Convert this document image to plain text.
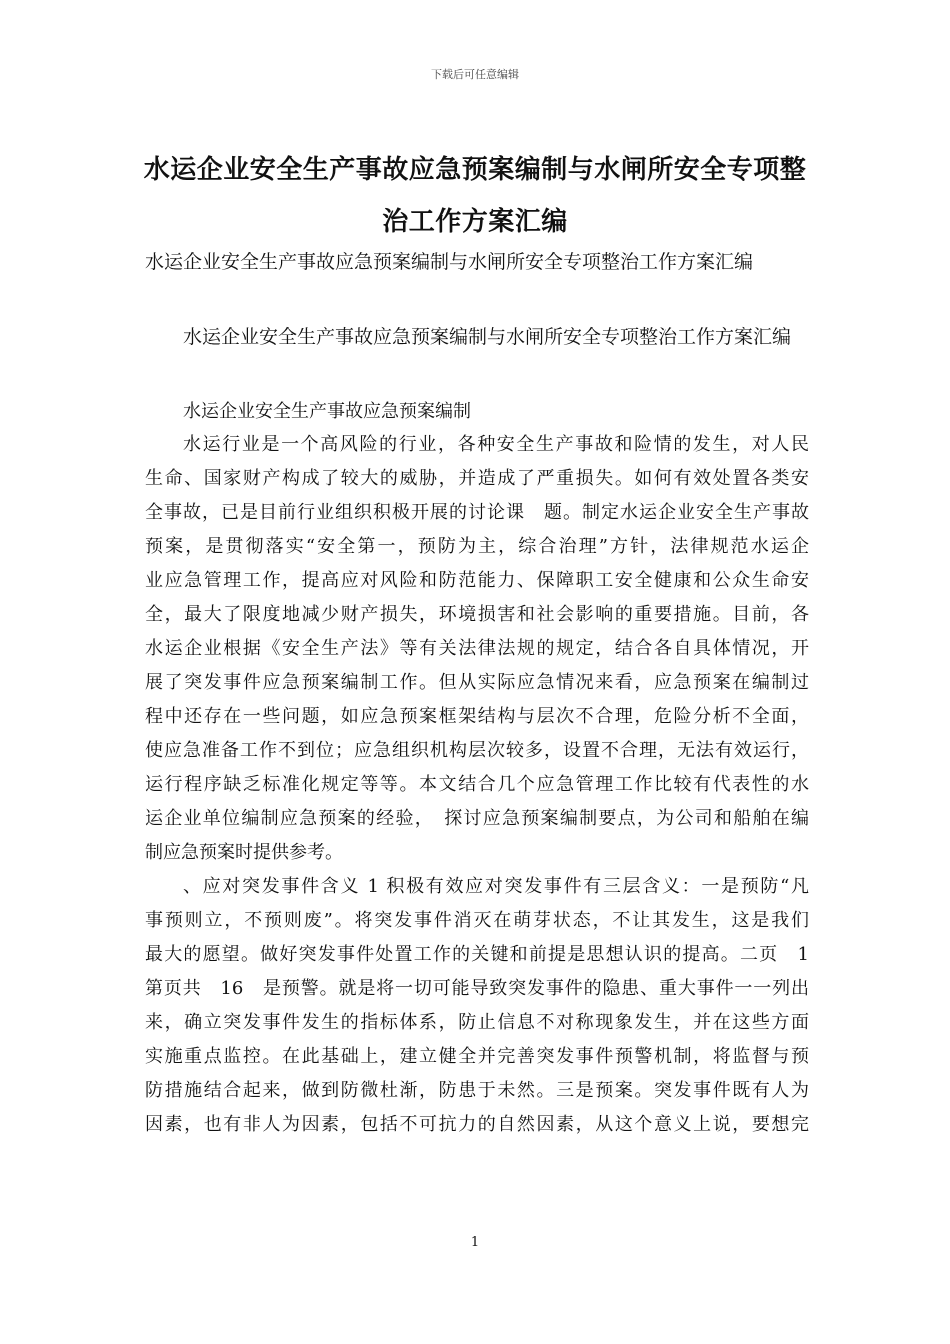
下载后可任意编辑
水运企业安全生产事故应急预案编制与水闸所安全专项整
治工作方案汇编
水运企业安全生产事故应急预案编制与水闸所安全专项整治工作方案汇编
水运企业安全生产事故应急预案编制与水闸所安全专项整治工作方案汇编
水运企业安全生产事故应急预案编制
水运行业是一个高风险的行业，各种安全生产事故和险情的发生，对人民
生命、国家财产构成了较大的威胁，并造成了严重损失。如何有效处置各类安
全事故，已是目前行业组织积极开展的讨论课　题。制定水运企业安全生产事故
预案，是贯彻落实“安全第一，预防为主，综合治理”方针，法律规范水运企
业应急管理工作，提高应对风险和防范能力、保障职工安全健康和公众生命安
全，最大了限度地减少财产损失，环境损害和社会影响的重要措施。目前，各
水运企业根据《安全生产法》等有关法律法规的规定，结合各自具体情况，开
展了突发事件应急预案编制工作。但从实际应急情况来看，应急预案在编制过
程中还存在一些问题，如应急预案框架结构与层次不合理，危险分析不全面，
使应急准备工作不到位；应急组织机构层次较多，设置不合理，无法有效运行，
运行程序缺乏标准化规定等等。本文结合几个应急管理工作比较有代表性的水
运企业单位编制应急预案的经验，　探讨应急预案编制要点，为公司和船舶在编
制应急预案时提供参考。
、应对突发事件含义 1 积极有效应对突发事件有三层含义：一是预防“凡
事预则立，不预则废”。将突发事件消灭在萌芽状态，不让其发生，这是我们
最大的愿望。做好突发事件处置工作的关键和前提是思想认识的提高。二页　1
第页共　16　是预警。就是将一切可能导致突发事件的隐患、重大事件一一列出
来，确立突发事件发生的指标体系，防止信息不对称现象发生，并在这些方面
实施重点监控。在此基础上，建立健全并完善突发事件预警机制，将监督与预
防措施结合起来，做到防微杜渐，防患于未然。三是预案。突发事件既有人为
因素，也有非人为因素，包括不可抗力的自然因素，从这个意义上说，要想完
1
